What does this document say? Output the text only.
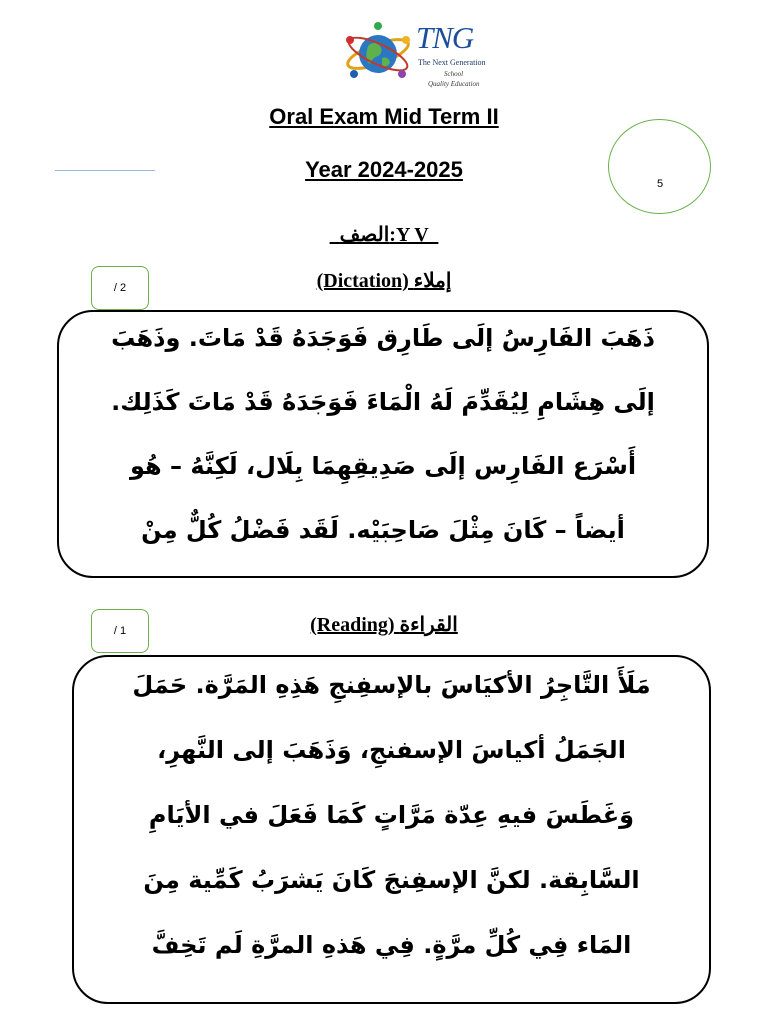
TNG
The Next Generation
School
Quality Education
Oral Exam Mid Term II
Year 2024-2025
5
الصف:Y V
/ 2	(Dictation) إملاء
ذَهَبَ الفَارِسُ إلَى طَارِق فَوَجَدَهُ قَدْ مَاتَ. وذَهَبَ
إلَى هِشَامِ لِيُقَدِّمَ لَهُ الْمَاءَ فَوَجَدَهُ قَدْ مَاتَ كَذَلِك.
أَسْرَع الفَارِس إلَى صَدِيقِهِمَا بِلَال، لَكِنَّهُ – هُو
أيضاً – كَانَ مِثْلَ صَاحِبَيْه. لَقَد فَضْلُ كُلٌّ مِنْ
/ 1	(Reading) القراءة
مَلَأَ التَّاجِرُ الأكيَاسَ بالإسفِنجِ هَذِهِ المَرَّة. حَمَلَ
الجَمَلُ أكياسَ الإسفنجِ، وَذَهَبَ إلى النَّهرِ،
وَغَطَسَ فيهِ عِدّة مَرَّاتٍ كَمَا فَعَلَ في الأيَامِ
السَّابِقة. لكنَّ الإسفِنجَ كَانَ يَشرَبُ كَمِّية مِنَ
المَاء فِي كُلِّ مرَّةٍ. فِي هَذهِ المرَّةِ لَم تَخِفَّ
